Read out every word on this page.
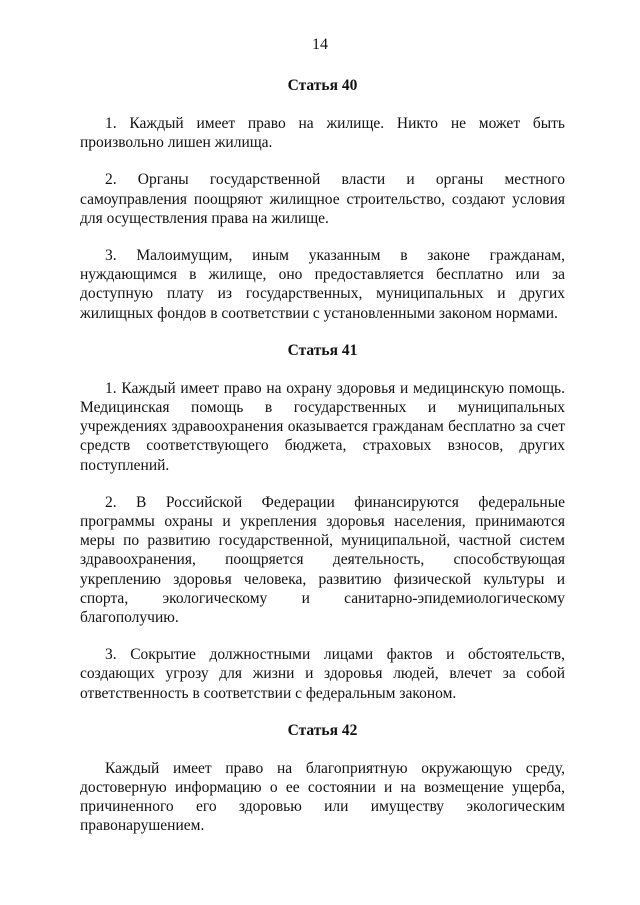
14
Статья 40

1. Каждый имеет право на жилище. Никто не может быть произвольно лишен жилища.

2. Органы государственной власти и органы местного самоуправления поощряют жилищное строительство, создают условия для осуществления права на жилище.

3. Малоимущим, иным указанным в законе гражданам, нуждающимся в жилище, оно предоставляется бесплатно или за доступную плату из государственных, муниципальных и других жилищных фондов в соответствии с установленными законом нормами.

Статья 41

1. Каждый имеет право на охрану здоровья и медицинскую помощь. Медицинская помощь в государственных и муниципальных учреждениях здравоохранения оказывается гражданам бесплатно за счет средств соответствующего бюджета, страховых взносов, других поступлений.

2. В Российской Федерации финансируются федеральные программы охраны и укрепления здоровья населения, принимаются меры по развитию государственной, муниципальной, частной систем здравоохранения, поощряется деятельность, способствующая укреплению здоровья человека, развитию физической культуры и спорта, экологическому и санитарно-эпидемиологическому благополучию.

3. Сокрытие должностными лицами фактов и обстоятельств, создающих угрозу для жизни и здоровья людей, влечет за собой ответственность в соответствии с федеральным законом.

Статья 42

Каждый имеет право на благоприятную окружающую среду, достоверную информацию о ее состоянии и на возмещение ущерба, причиненного его здоровью или имуществу экологическим правонарушением.
